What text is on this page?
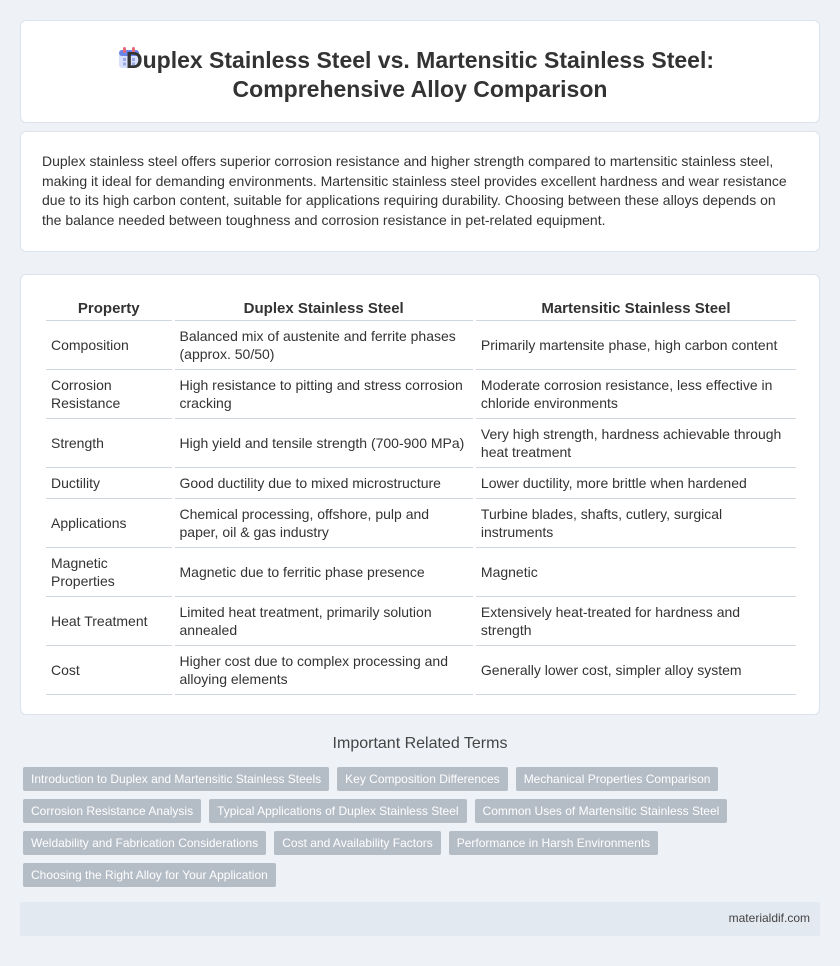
Duplex Stainless Steel vs. Martensitic Stainless Steel:
Comprehensive Alloy Comparison

Duplex stainless steel offers superior corrosion resistance and higher strength compared to martensitic stainless steel, making it ideal for demanding environments. Martensitic stainless steel provides excellent hardness and wear resistance due to its high carbon content, suitable for applications requiring durability. Choosing between these alloys depends on the balance needed between toughness and corrosion resistance in pet-related equipment.

Property	Duplex Stainless Steel	Martensitic Stainless Steel
Composition	Balanced mix of austenite and ferrite phases (approx. 50/50)	Primarily martensite phase, high carbon content
Corrosion Resistance	High resistance to pitting and stress corrosion cracking	Moderate corrosion resistance, less effective in chloride environments
Strength	High yield and tensile strength (700-900 MPa)	Very high strength, hardness achievable through heat treatment
Ductility	Good ductility due to mixed microstructure	Lower ductility, more brittle when hardened
Applications	Chemical processing, offshore, pulp and paper, oil & gas industry	Turbine blades, shafts, cutlery, surgical instruments
Magnetic Properties	Magnetic due to ferritic phase presence	Magnetic
Heat Treatment	Limited heat treatment, primarily solution annealed	Extensively heat-treated for hardness and strength
Cost	Higher cost due to complex processing and alloying elements	Generally lower cost, simpler alloy system
Important Related Terms
Introduction to Duplex and Martensitic Stainless Steels	Key Composition Differences	Mechanical Properties Comparison
Corrosion Resistance Analysis	Typical Applications of Duplex Stainless Steel	Common Uses of Martensitic Stainless Steel
Weldability and Fabrication Considerations	Cost and Availability Factors	Performance in Harsh Environments
Choosing the Right Alloy for Your Application
materialdif.com
